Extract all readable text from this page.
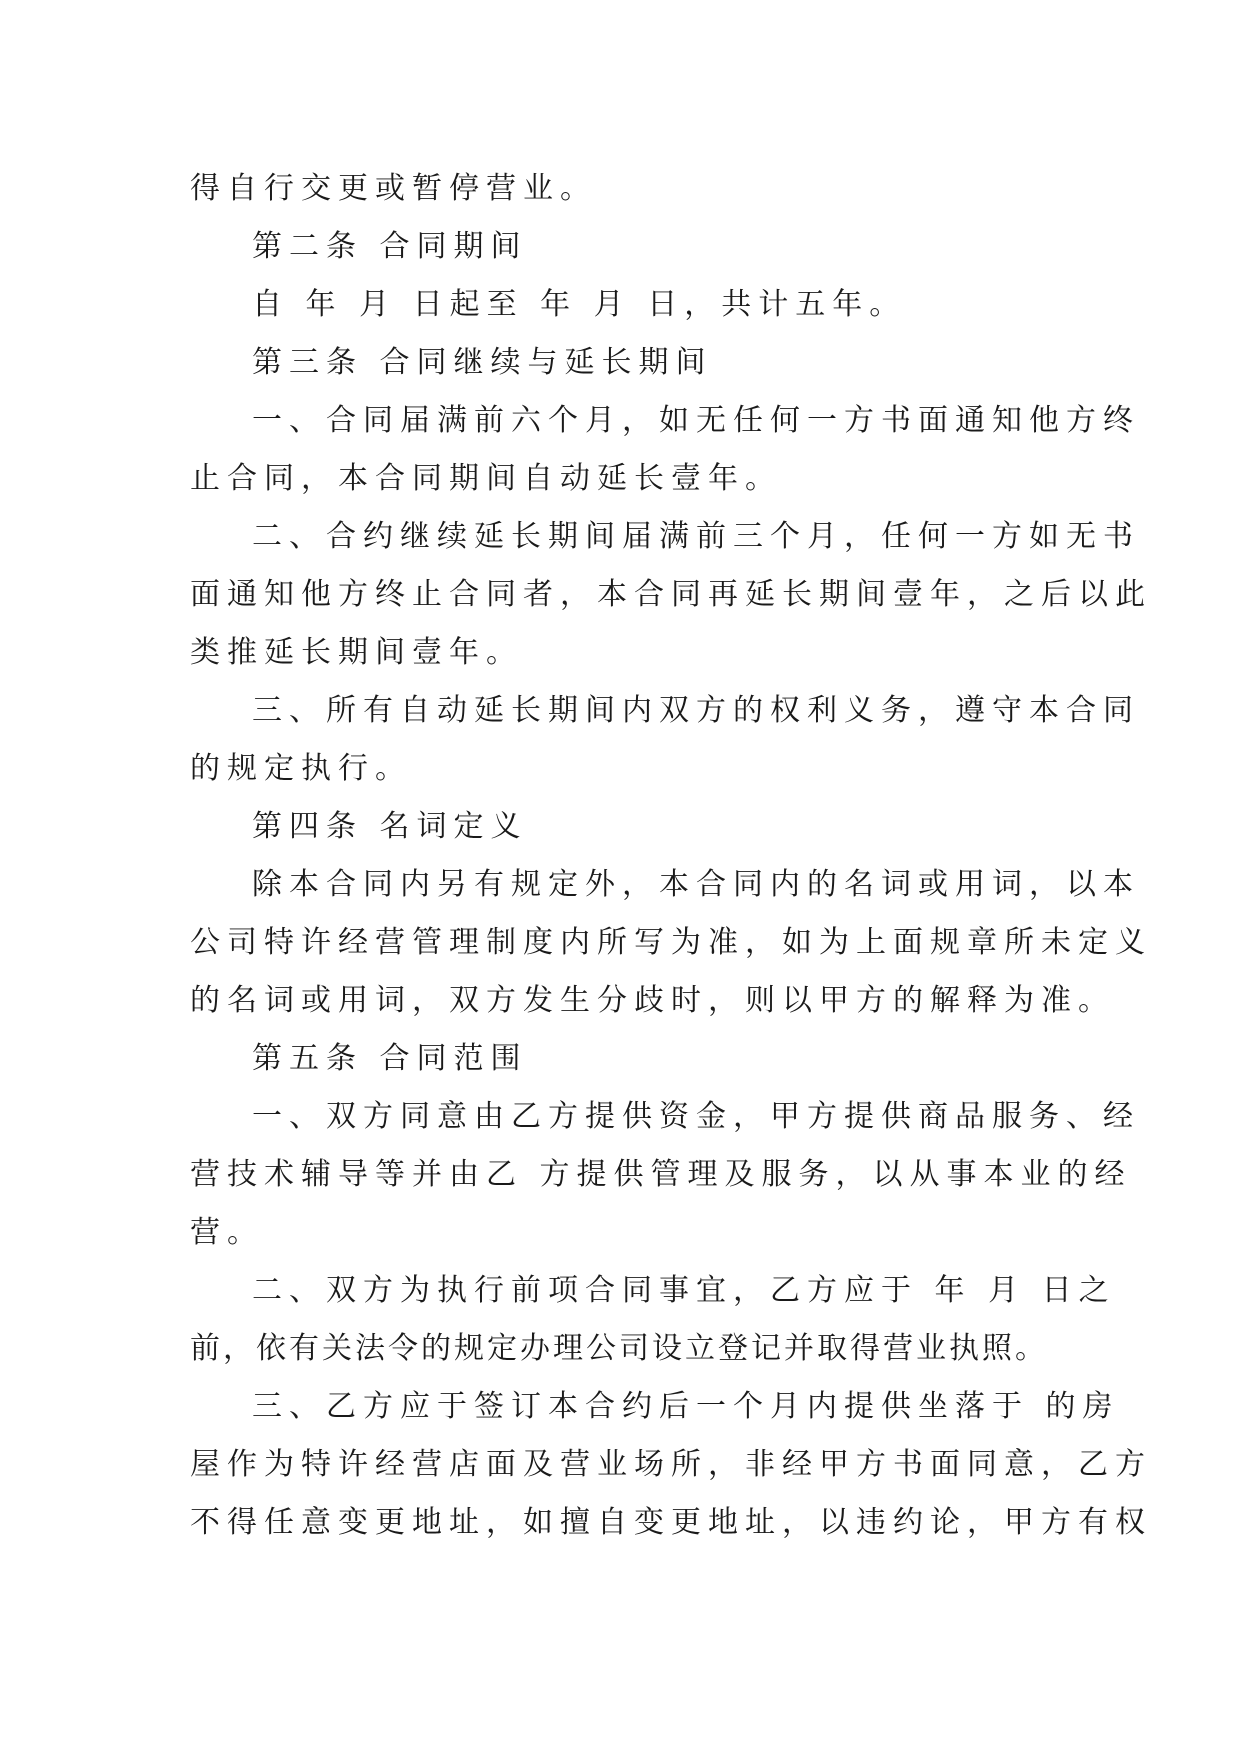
得自行交更或暂停营业。
第二条 合同期间
自 年 月 日起至 年 月 日，共计五年。
第三条 合同继续与延长期间
一、合同届满前六个月，如无任何一方书面通知他方终
止合同，本合同期间自动延长壹年。
二、合约继续延长期间届满前三个月，任何一方如无书
面通知他方终止合同者，本合同再延长期间壹年，之后以此
类推延长期间壹年。
三、所有自动延长期间内双方的权利义务，遵守本合同
的规定执行。
第四条 名词定义
除本合同内另有规定外，本合同内的名词或用词，以本
公司特许经营管理制度内所写为准，如为上面规章所未定义
的名词或用词，双方发生分歧时，则以甲方的解释为准。
第五条 合同范围
一、双方同意由乙方提供资金，甲方提供商品服务、经
营技术辅导等并由乙 方提供管理及服务，以从事本业的经
营。
二、双方为执行前项合同事宜，乙方应于 年 月 日之
前，依有关法令的规定办理公司设立登记并取得营业执照。
三、乙方应于签订本合约后一个月内提供坐落于 的房
屋作为特许经营店面及营业场所，非经甲方书面同意，乙方
不得任意变更地址，如擅自变更地址，以违约论，甲方有权
